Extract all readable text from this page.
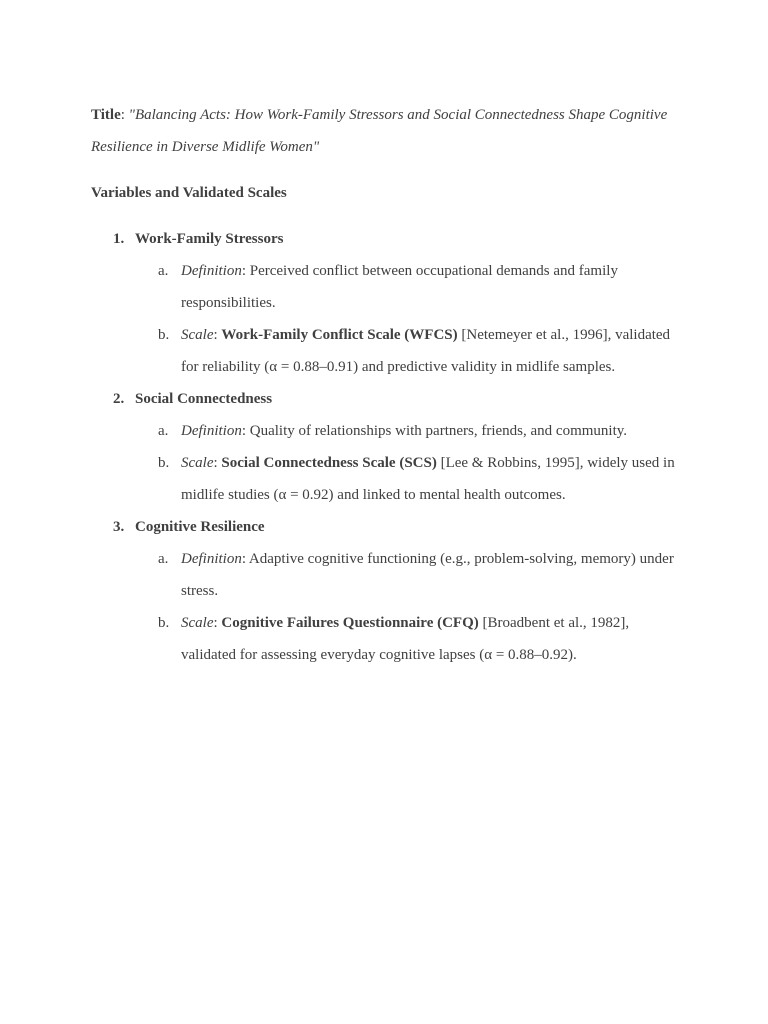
Title: "Balancing Acts: How Work-Family Stressors and Social Connectedness Shape Cognitive Resilience in Diverse Midlife Women"

Variables and Validated Scales
1. Work-Family Stressors
a. Definition: Perceived conflict between occupational demands and family responsibilities.
b. Scale: Work-Family Conflict Scale (WFCS) [Netemeyer et al., 1996], validated for reliability (α = 0.88–0.91) and predictive validity in midlife samples.
2. Social Connectedness
a. Definition: Quality of relationships with partners, friends, and community.
b. Scale: Social Connectedness Scale (SCS) [Lee & Robbins, 1995], widely used in midlife studies (α = 0.92) and linked to mental health outcomes.
3. Cognitive Resilience
a. Definition: Adaptive cognitive functioning (e.g., problem-solving, memory) under stress.
b. Scale: Cognitive Failures Questionnaire (CFQ) [Broadbent et al., 1982], validated for assessing everyday cognitive lapses (α = 0.88–0.92).
